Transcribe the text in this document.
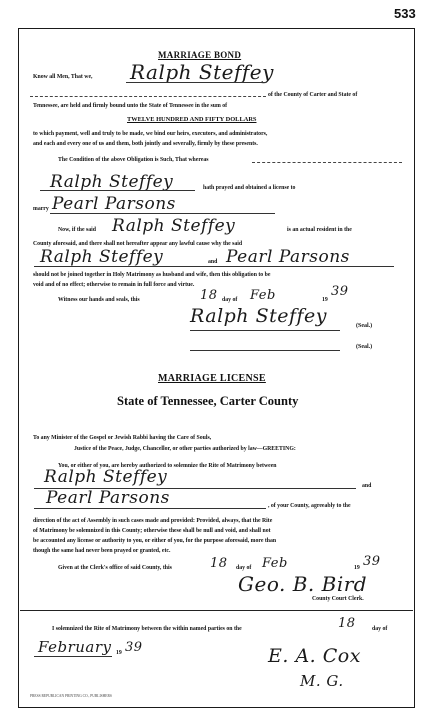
533
MARRIAGE BOND
Know all Men, That we, Ralph Steffey
of the County of Carter and State of
Tennessee, are held and firmly bound unto the State of Tennessee in the sum of
TWELVE HUNDRED AND FIFTY DOLLARS
to which payment, well and truly to be made, we bind our heirs, executors, and administrators,
and each and every one of us and them, both jointly and severally, firmly by these presents.
The Condition of the above Obligation is Such, That whereas
Ralph Steffey	hath prayed and obtained a license to
marry Pearl Parsons
Now, if the said Ralph Steffey	is an actual resident in the
County aforesaid, and there shall not hereafter appear any lawful cause why the said
Ralph Steffey	and Pearl Parsons
should not be joined together in Holy Matrimony as husband and wife, then this obligation to be
void and of no effect; otherwise to remain in full force and virtue.
Witness our hands and seals, this	18 day of Feb	19
39
Ralph Steffey	(Seal.)
(Seal.)
MARRIAGE LICENSE
State of Tennessee, Carter County
To any Minister of the Gospel or Jewish Rabbi having the Care of Souls,
Justice of the Peace, Judge, Chancellor, or other parties authorized by law—GREETING:
You, or either of you, are hereby authorized to solemnize the Rite of Matrimony between
Ralph Steffey	and
Pearl Parsons	, of your County, agreeably to the
direction of the act of Assembly in such cases made and provided: Provided, always, that the Rite
of Matrimony be solemnized in this County; otherwise these shall be null and void, and shall not
be accounted any license or authority to you, or either of you, for the purpose aforesaid, more than
though the same had never been prayed or granted, etc.
Given at the Clerk's office of said County, this	18 day of Feb	19 39
Geo. B. Bird
County Court Clerk.
I solemnized the Rite of Matrimony between the within named parties on the	18	day of
February 19 39	E. A. Cox
M. G.
PRESS REPUBLICAN PRINTING CO., PUBLISHERS
